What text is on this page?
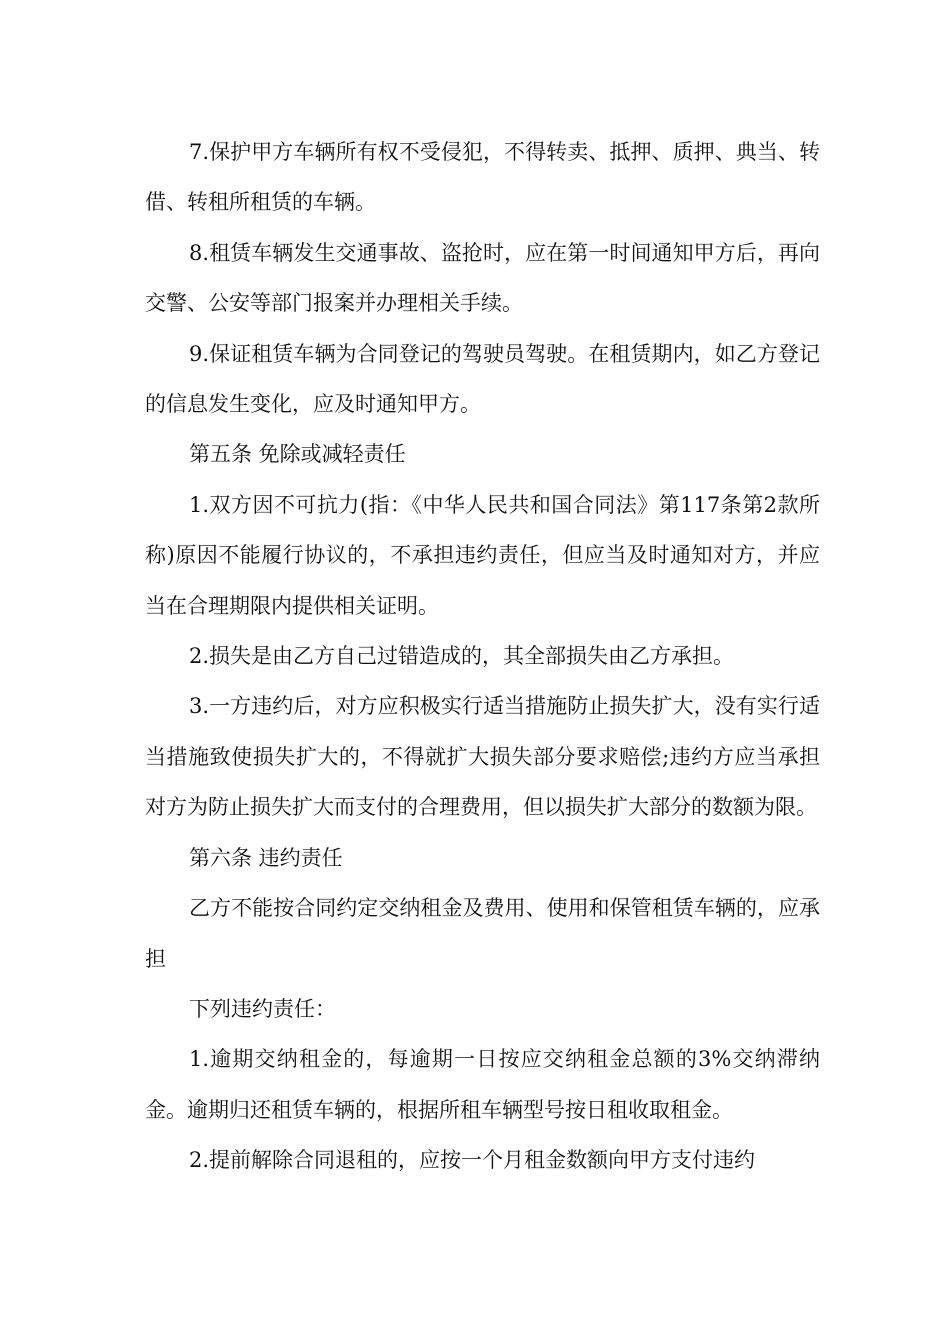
7.保护甲方车辆所有权不受侵犯，不得转卖、抵押、质押、典当、转借、转租所租赁的车辆。

8.租赁车辆发生交通事故、盗抢时，应在第一时间通知甲方后，再向交警、公安等部门报案并办理相关手续。

9.保证租赁车辆为合同登记的驾驶员驾驶。在租赁期内，如乙方登记的信息发生变化，应及时通知甲方。

第五条 免除或减轻责任

1.双方因不可抗力(指：《中华人民共和国合同法》第117条第2款所称)原因不能履行协议的，不承担违约责任，但应当及时通知对方，并应当在合理期限内提供相关证明。

2.损失是由乙方自己过错造成的，其全部损失由乙方承担。

3.一方违约后，对方应积极实行适当措施防止损失扩大，没有实行适当措施致使损失扩大的，不得就扩大损失部分要求赔偿;违约方应当承担对方为防止损失扩大而支付的合理费用，但以损失扩大部分的数额为限。

第六条 违约责任

乙方不能按合同约定交纳租金及费用、使用和保管租赁车辆的，应承担

下列违约责任：

1.逾期交纳租金的，每逾期一日按应交纳租金总额的3%交纳滞纳金。逾期归还租赁车辆的，根据所租车辆型号按日租收取租金。

2.提前解除合同退租的，应按一个月租金数额向甲方支付违约
